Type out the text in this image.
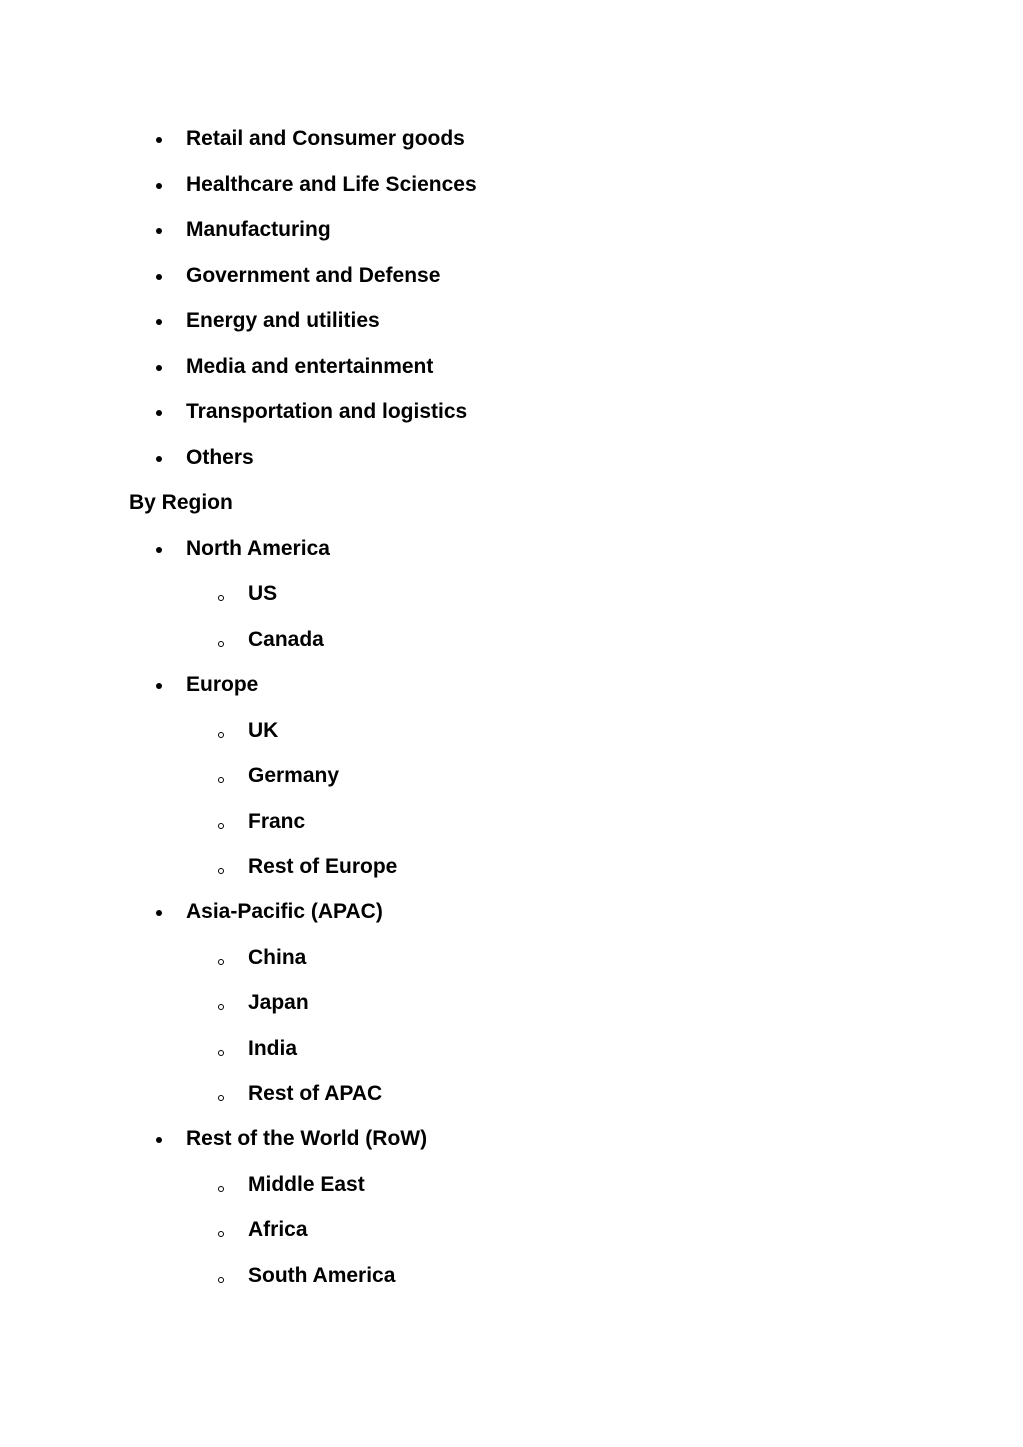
Retail and Consumer goods
Healthcare and Life Sciences
Manufacturing
Government and Defense
Energy and utilities
Media and entertainment
Transportation and logistics
Others
By Region
North America
US
Canada
Europe
UK
Germany
Franc
Rest of Europe
Asia-Pacific (APAC)
China
Japan
India
Rest of APAC
Rest of the World (RoW)
Middle East
Africa
South America
